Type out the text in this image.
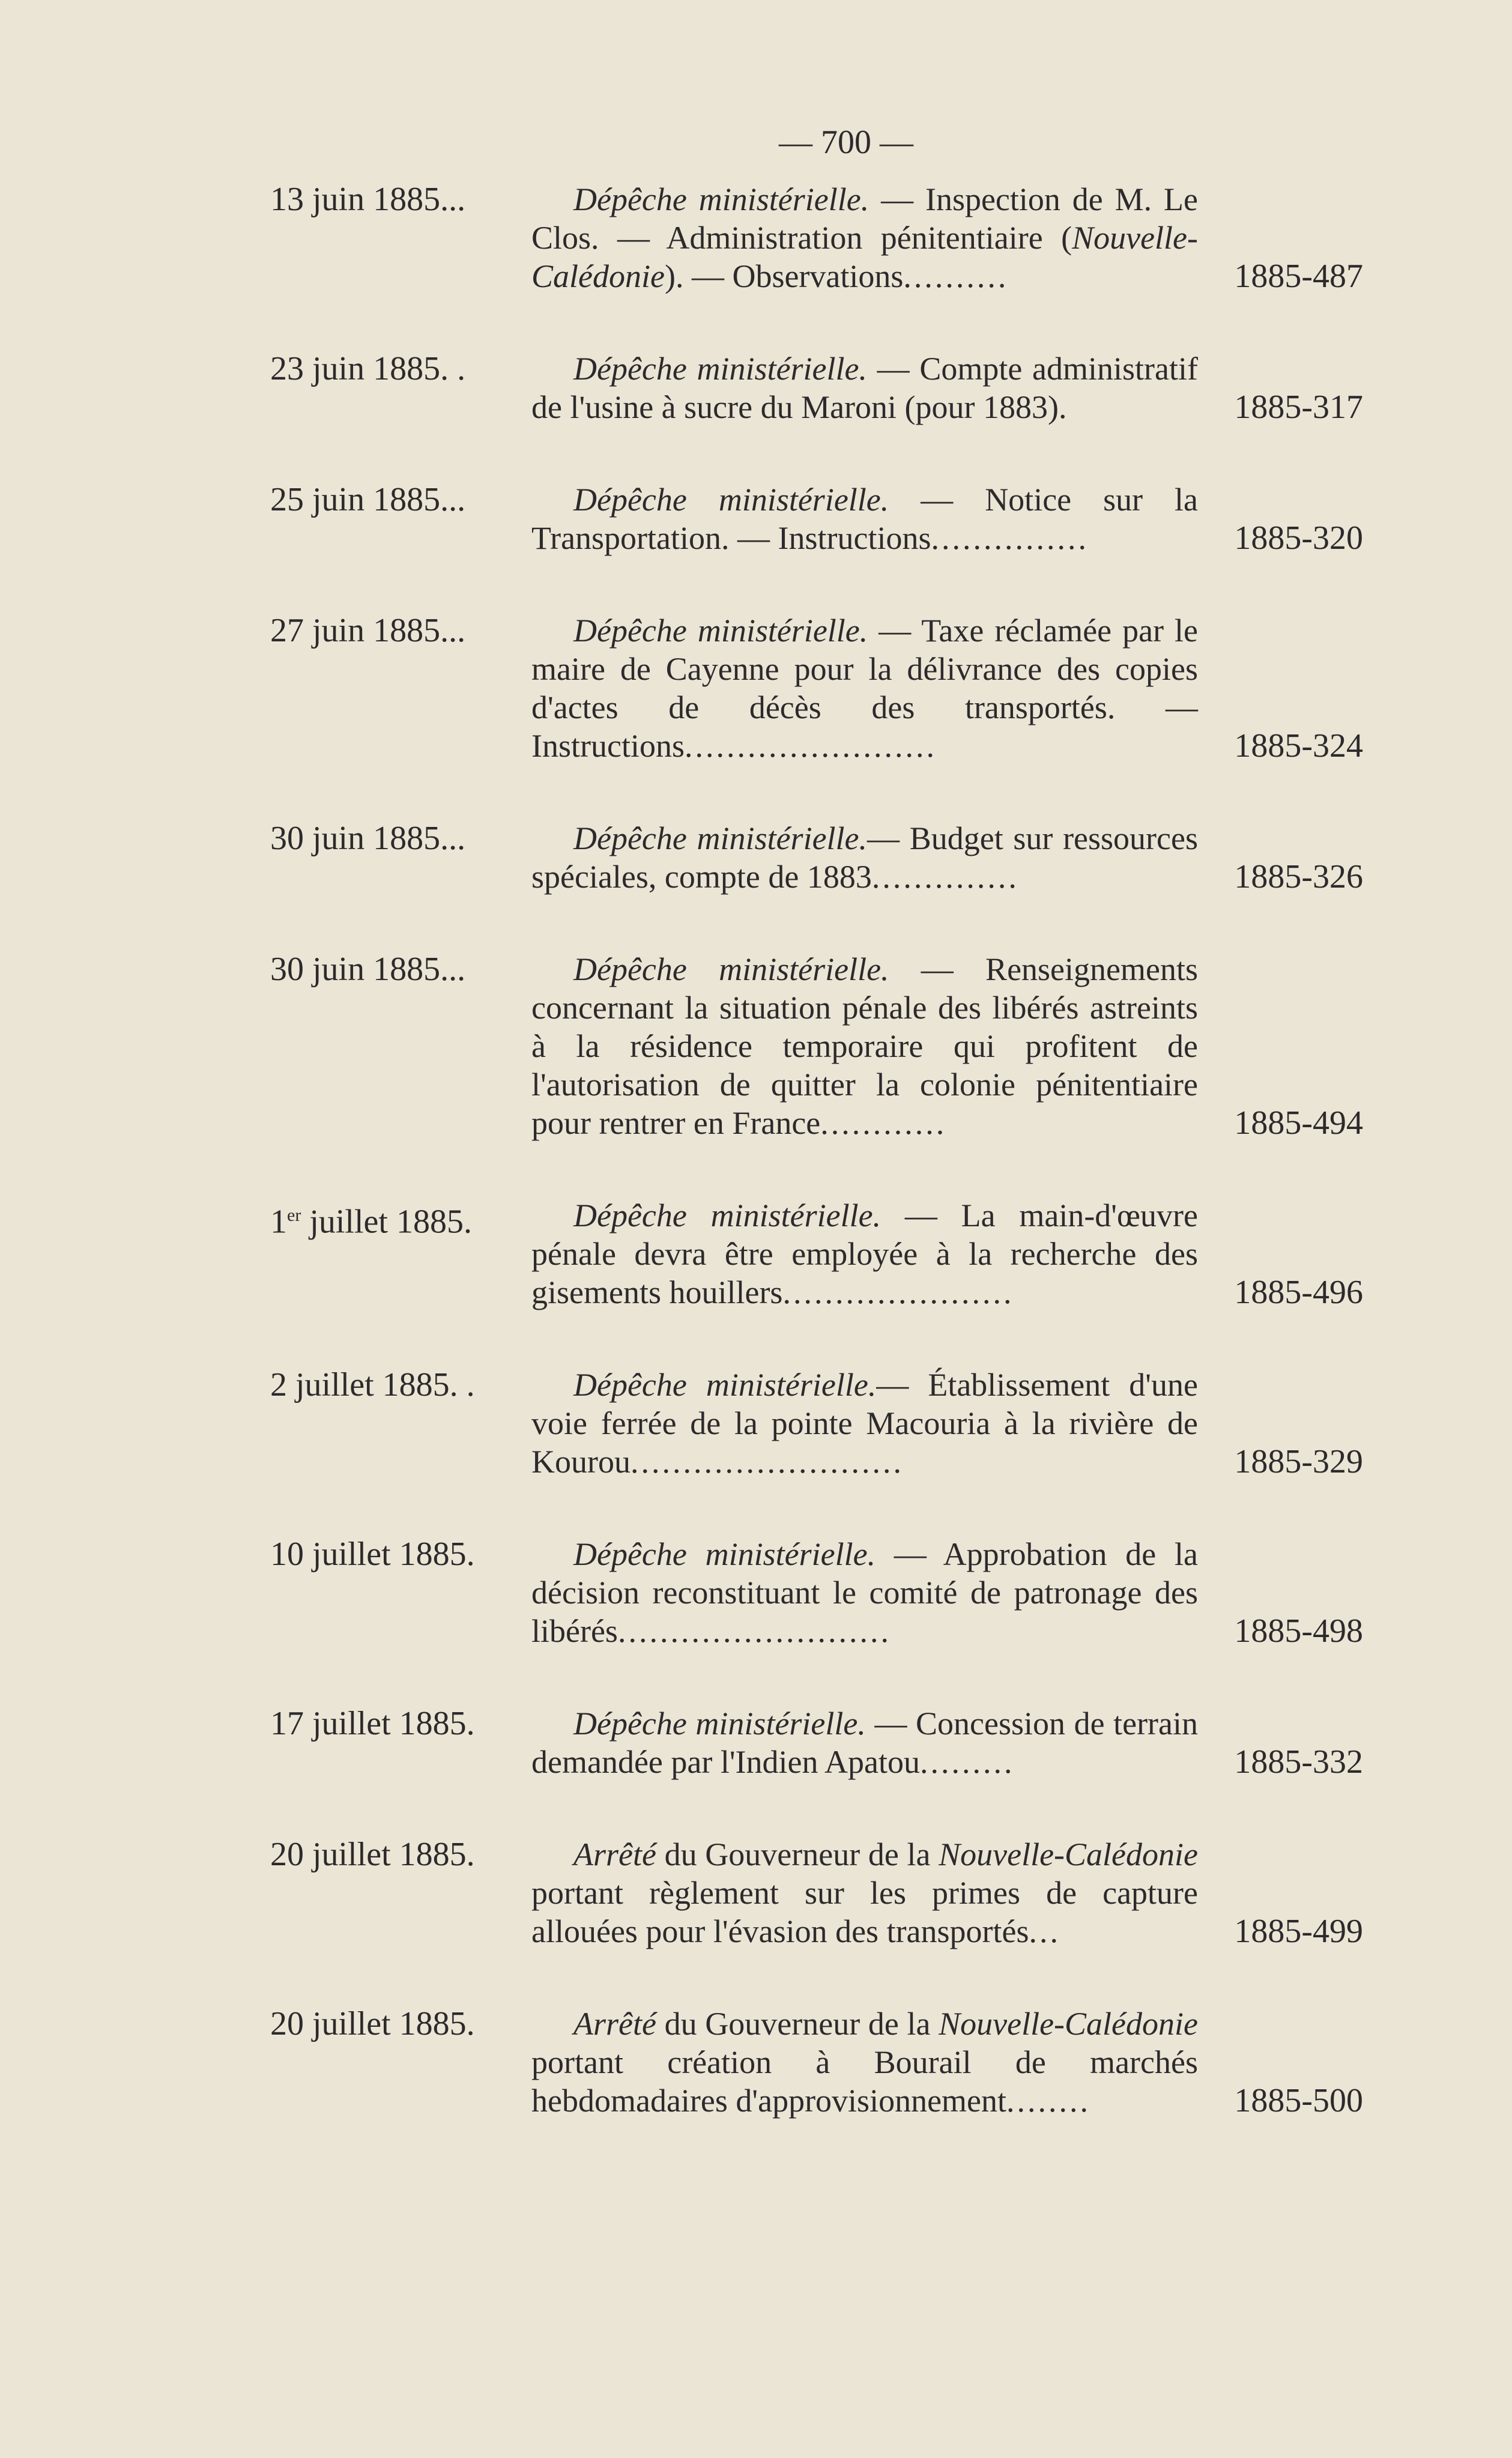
— 700 —
13 juin 1885...	Dépêche ministérielle. — Inspection de M. Le Clos. — Administration pénitentiaire (Nouvelle-Calédonie). — Observations..........	1885-487
23 juin 1885. .	Dépêche ministérielle. — Compte administratif de l'usine à sucre du Maroni (pour 1883).	1885-317
25 juin 1885...	Dépêche ministérielle. — Notice sur la Transportation. — Instructions...............	1885-320
27 juin 1885...	Dépêche ministérielle. — Taxe réclamée par le maire de Cayenne pour la délivrance des copies d'actes de décès des transportés. — Instructions........................	1885-324
30 juin 1885...	Dépêche ministérielle.— Budget sur ressources spéciales, compte de 1883..............	1885-326
30 juin 1885...	Dépêche ministérielle. — Renseignements concernant la situation pénale des libérés astreints à la résidence temporaire qui profitent de l'autorisation de quitter la colonie pénitentiaire pour rentrer en France............	1885-494
1er juillet 1885.	Dépêche ministérielle. — La main-d'œuvre pénale devra être employée à la recherche des gisements houillers......................	1885-496
2 juillet 1885. .	Dépêche ministérielle.— Établissement d'une voie ferrée de la pointe Macouria à la rivière de Kourou..........................	1885-329
10 juillet 1885.	Dépêche ministérielle. — Approbation de la décision reconstituant le comité de patronage des libérés..........................	1885-498
17 juillet 1885.	Dépêche ministérielle. — Concession de terrain demandée par l'Indien Apatou.........	1885-332
20 juillet 1885.	Arrêté du Gouverneur de la Nouvelle-Calédonie portant règlement sur les primes de capture allouées pour l'évasion des transportés...	1885-499
20 juillet 1885.	Arrêté du Gouverneur de la Nouvelle-Calédonie portant création à Bourail de marchés hebdomadaires d'approvisionnement........	1885-500
